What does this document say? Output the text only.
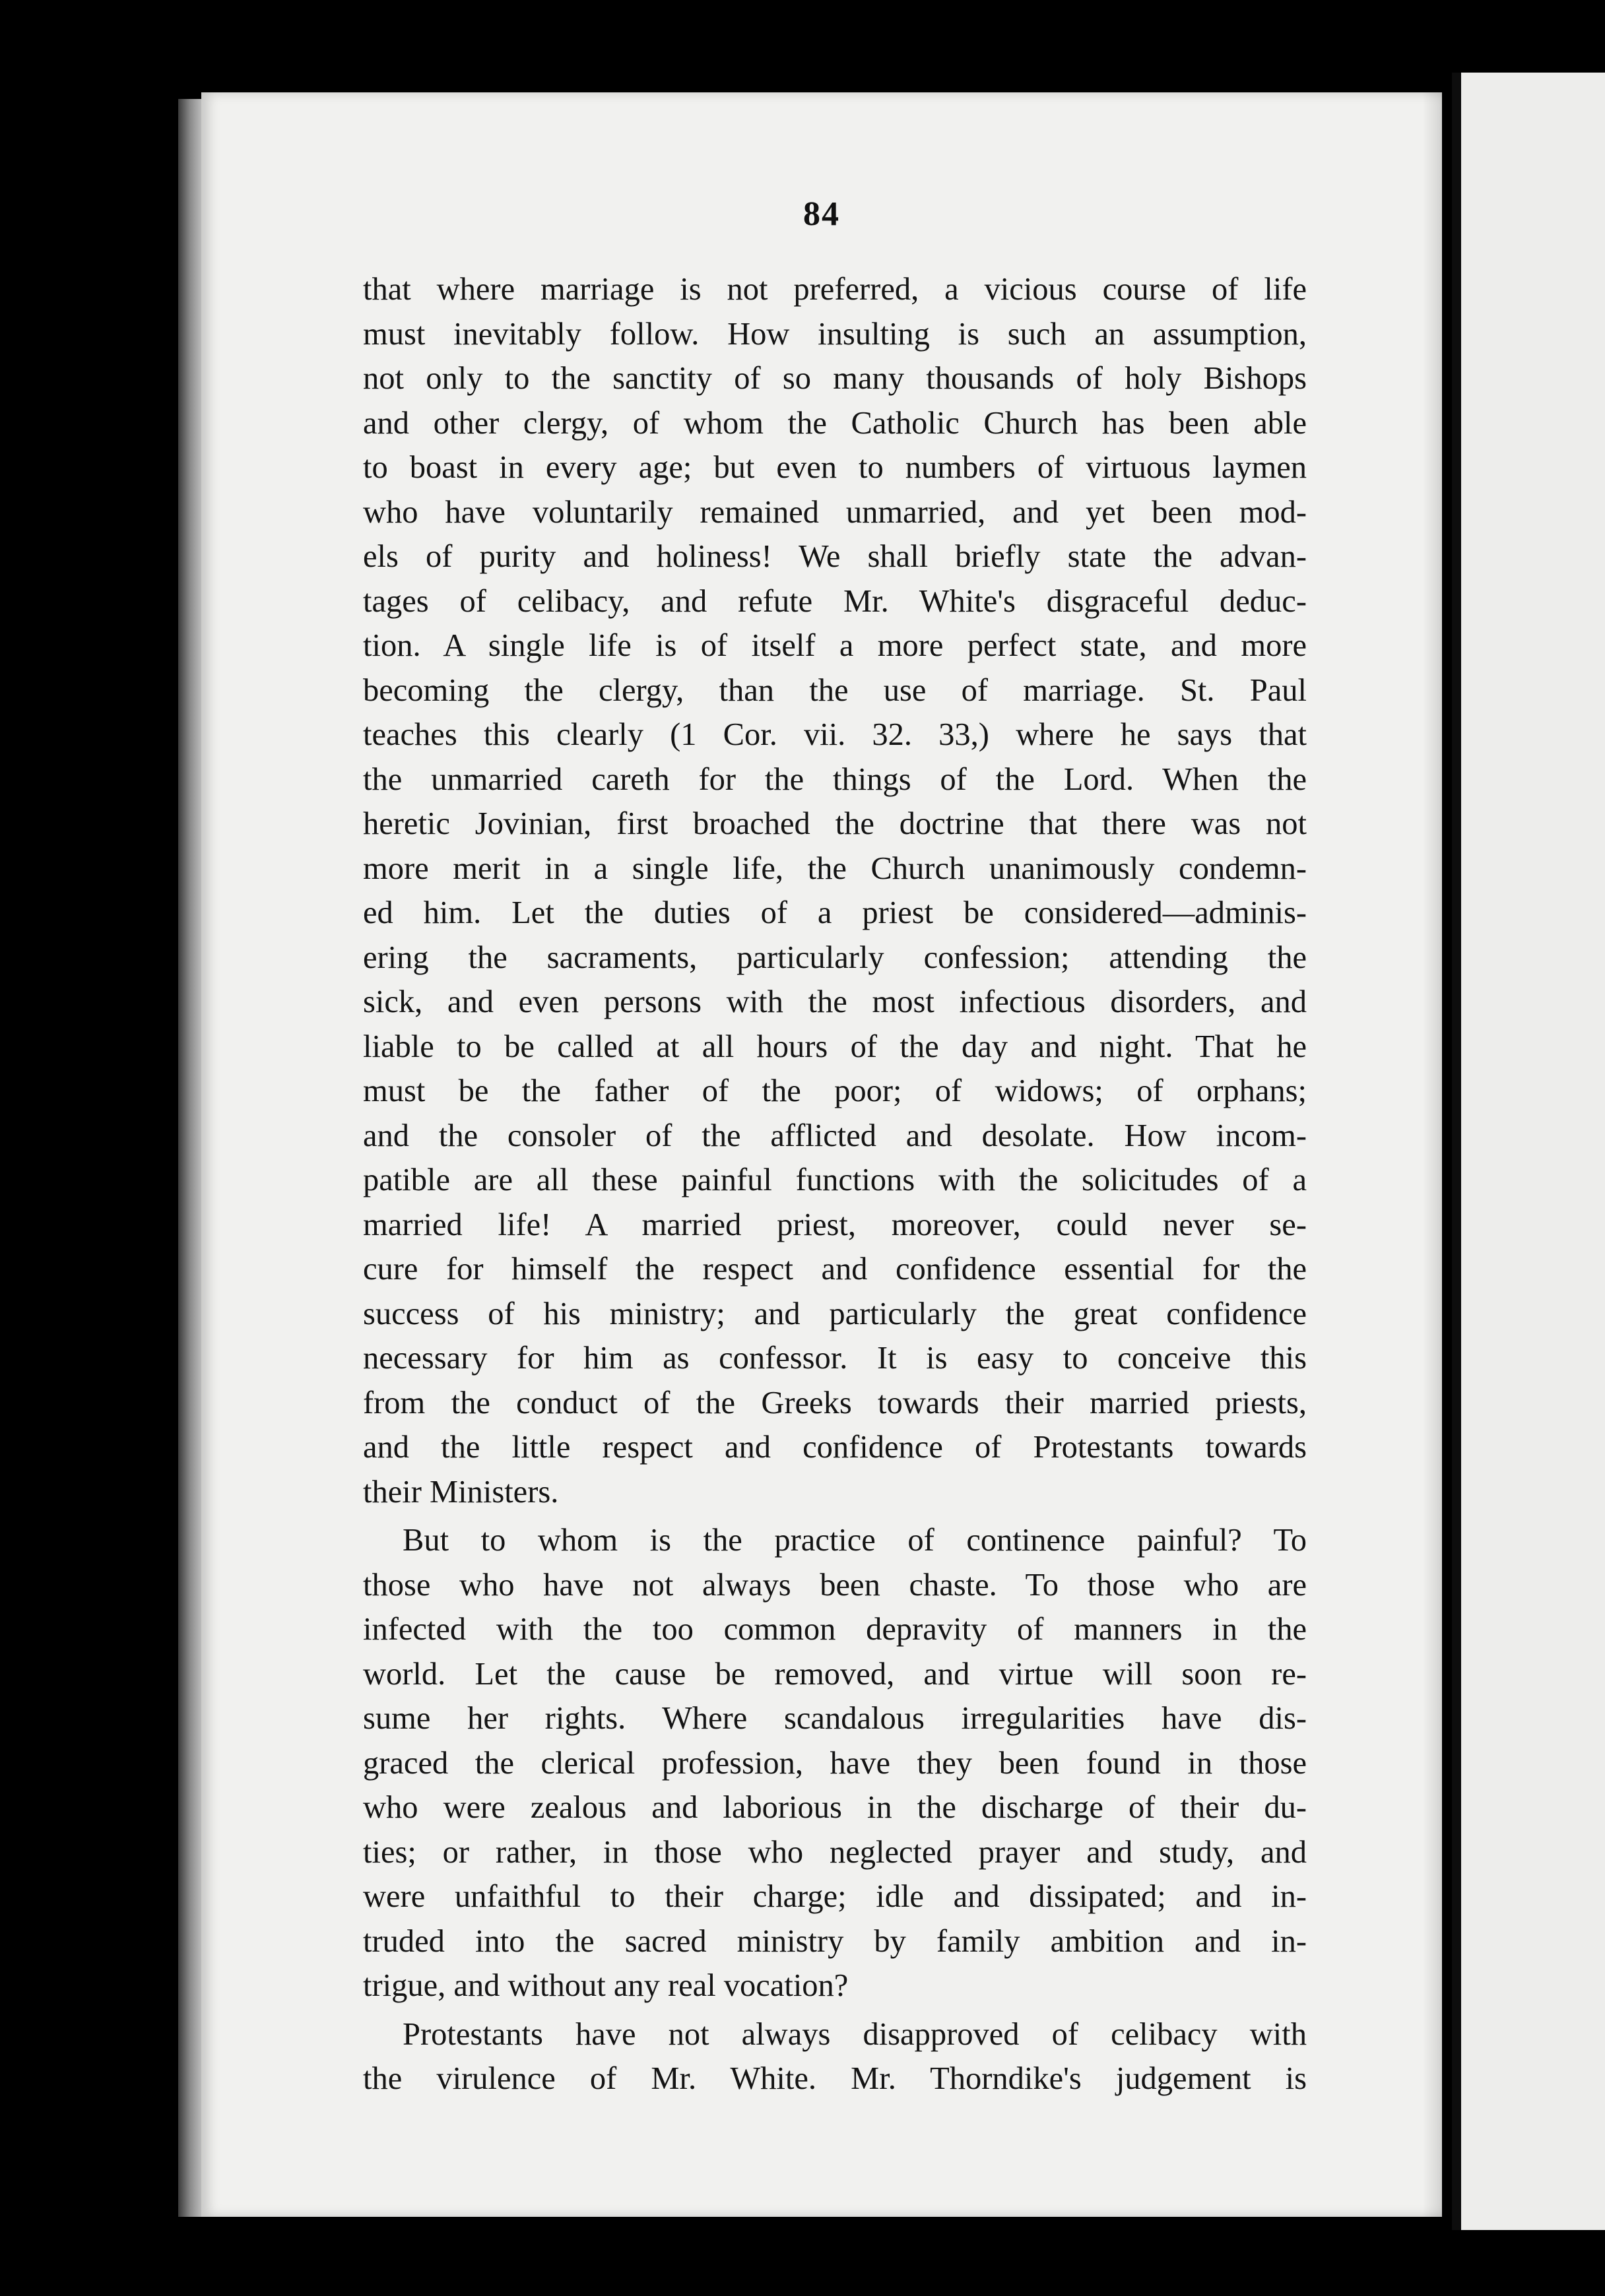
84
that where marriage is not preferred, a vicious course of life
must inevitably follow. How insulting is such an assumption,
not only to the sanctity of so many thousands of holy Bishops
and other clergy, of whom the Catholic Church has been able
to boast in every age; but even to numbers of virtuous laymen
who have voluntarily remained unmarried, and yet been mod-
els of purity and holiness! We shall briefly state the advan-
tages of celibacy, and refute Mr. White's disgraceful deduc-
tion. A single life is of itself a more perfect state, and more
becoming the clergy, than the use of marriage. St. Paul
teaches this clearly (1 Cor. vii. 32. 33,) where he says that
the unmarried careth for the things of the Lord. When the
heretic Jovinian, first broached the doctrine that there was not
more merit in a single life, the Church unanimously condemn-
ed him. Let the duties of a priest be considered—adminis-
ering the sacraments, particularly confession; attending the
sick, and even persons with the most infectious disorders, and
liable to be called at all hours of the day and night. That he
must be the father of the poor; of widows; of orphans;
and the consoler of the afflicted and desolate. How incom-
patible are all these painful functions with the solicitudes of a
married life! A married priest, moreover, could never se-
cure for himself the respect and confidence essential for the
success of his ministry; and particularly the great confidence
necessary for him as confessor. It is easy to conceive this
from the conduct of the Greeks towards their married priests,
and the little respect and confidence of Protestants towards
their Ministers.
But to whom is the practice of continence painful? To
those who have not always been chaste. To those who are
infected with the too common depravity of manners in the
world. Let the cause be removed, and virtue will soon re-
sume her rights. Where scandalous irregularities have dis-
graced the clerical profession, have they been found in those
who were zealous and laborious in the discharge of their du-
ties; or rather, in those who neglected prayer and study, and
were unfaithful to their charge; idle and dissipated; and in-
truded into the sacred ministry by family ambition and in-
trigue, and without any real vocation?
Protestants have not always disapproved of celibacy with
the virulence of Mr. White. Mr. Thorndike's judgement is
